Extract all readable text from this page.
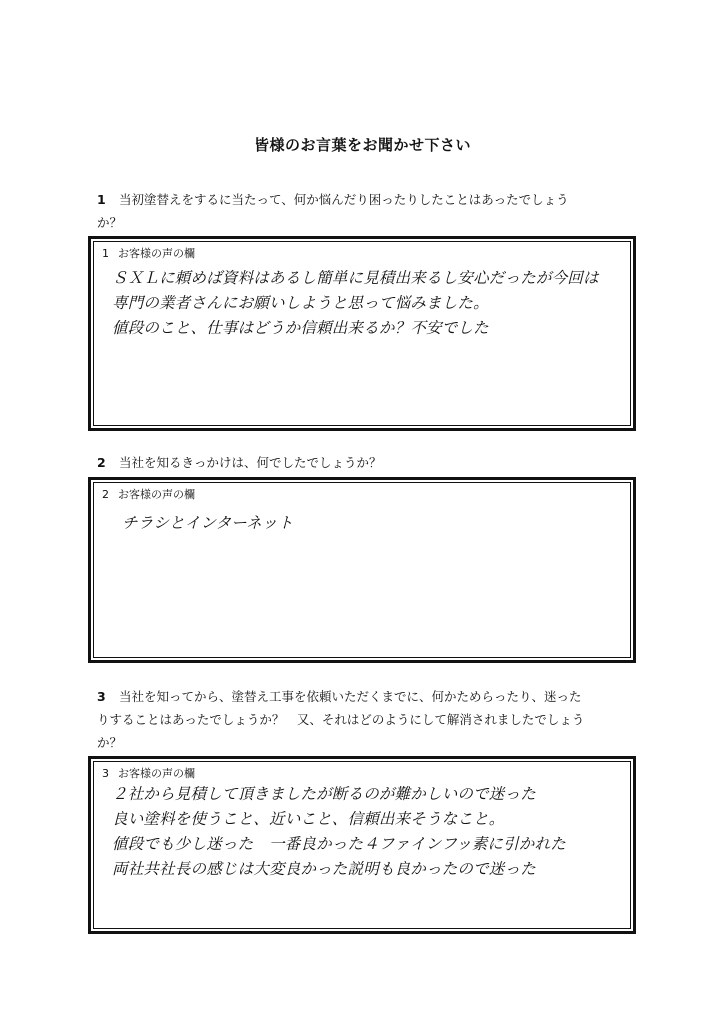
皆様のお言葉をお聞かせ下さい
1 当初塗替えをするに当たって、何か悩んだり困ったりしたことはあったでしょう
か？
1 お客様の声の欄
ＳＸＬに頼めば資料はあるし簡単に見積出来るし安心だったが今回は
専門の業者さんにお願いしようと思って悩みました。
値段のこと、仕事はどうか信頼出来るか？不安でした
2 当社を知るきっかけは、何でしたでしょうか？
2 お客様の声の欄
チラシとインターネット
3 当社を知ってから、塗替え工事を依頼いただくまでに、何かためらったり、迷った
りすることはあったでしょうか？　又、それはどのようにして解消されましたでしょう
か？
3 お客様の声の欄
２社から見積して頂きましたが断るのが難かしいので迷った
良い塗料を使うこと、近いこと、信頼出来そうなこと。
値段でも少し迷った　一番良かった４ファインフッ素に引かれた
両社共社長の感じは大変良かった説明も良かったので迷った
